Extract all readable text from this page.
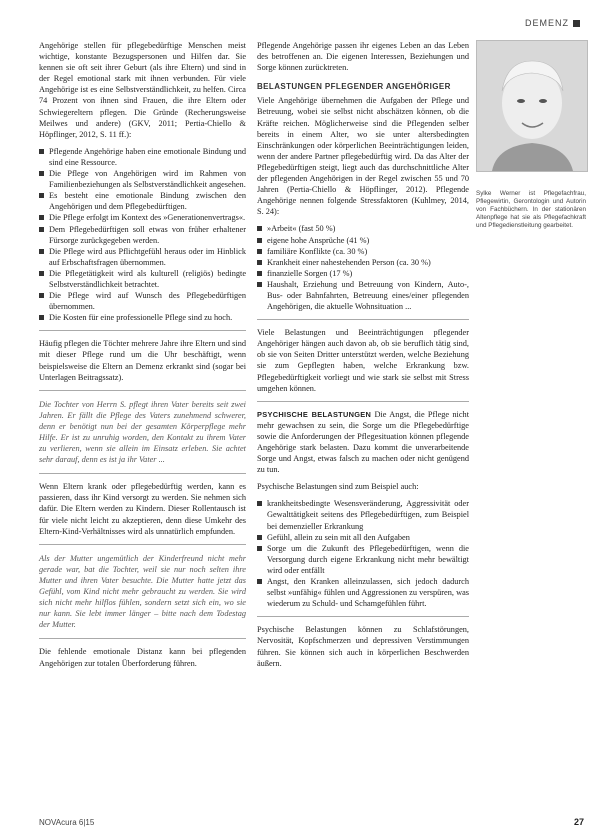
DEMENZ

Angehörige stellen für pflegebedürftige Menschen meist wichtige, konstante Bezugspersonen und Hilfen dar. Sie kennen sie oft seit ihrer Geburt (als ihre Eltern) und sind in der Regel emotional stark mit ihnen verbunden. Für viele Angehörige ist es eine Selbstverständlichkeit, zu helfen. Circa 74 Prozent von ihnen sind Frauen, die ihre Eltern oder Schwiegereltern pflegen. Die Gründe (Recherungsweise Meilwes und andere) (GKV, 2011; Pertia-Chiello & Höpflinger, 2012, S. 11 ff.):

Pflegende Angehörige haben eine emotionale Bindung und sind eine Ressource.
Die Pflege von Angehörigen wird im Rahmen von Familienbeziehungen als Selbstverständlichkeit angesehen.
Es besteht eine emotionale Bindung zwischen den Angehörigen und dem Pflegebedürftigen.
Die Pflege erfolgt im Kontext des »Generationenvertrags«.
Dem Pflegebedürftigen soll etwas von früher erhaltener Fürsorge zurückgegeben werden.
Die Pflege wird aus Pflichtgefühl heraus oder im Hinblick auf Erbschaftsfragen übernommen.
Die Pflegetätigkeit wird als kulturell (religiös) bedingte Selbstverständlichkeit betrachtet.
Die Pflege wird auf Wunsch des Pflegebedürftigen übernommen.
Die Kosten für eine professionelle Pflege sind zu hoch.

Häufig pflegen die Töchter mehrere Jahre ihre Eltern und sind mit dieser Pflege rund um die Uhr beschäftigt, wenn beispielsweise die Eltern an Demenz erkrankt sind (sogar bei Unterlagen Beitragssatz).

Die Tochter von Herrn S. pflegt ihren Vater bereits seit zwei Jahren. Er fällt die Pflege des Vaters zunehmend schwerer, denn er benötigt nun bei der gesamten Körperpflege mehr Hilfe. Er ist zu unruhig worden, den Kontakt zu ihrem Vater zu verlieren, wenn sie allein im Einsatz erleben. Sie achtet sehr darauf, denn es ist ja ihr Vater ...

Wenn Eltern krank oder pflegebedürftig werden, kann es passieren, dass ihr Kind versorgt zu werden. Sie nehmen sich dafür. Die Eltern werden zu Kindern. Dieser Rollentausch ist für viele nicht leicht zu akzeptieren, denn diese Umkehr des Eltern-Kind-Verhältnisses wird als unnatürlich empfunden.

Als der Mutter ungemütlich der Kinderfreund nicht mehr gerade war, bat die Tochter, weil sie nur noch selten ihre Mutter und ihren Vater besuchte. Die Mutter hatte jetzt das Gefühl, vom Kind nicht mehr gebraucht zu werden. Sie wird sich nicht mehr hilflos fühlen, sondern setzt sich ein, wo sie nur kann. Sie lebt immer länger – bitte nach dem Todestag der Mutter.

Die fehlende emotionale Distanz kann bei pflegenden Angehörigen zur totalen Überforderung führen.

Pflegende Angehörige passen ihr eigenes Leben an das Leben des betroffenen an. Die eigenen Interessen, Beziehungen und Sorge können zurücktreten.

BELASTUNGEN PFLEGENDER ANGEHÖRIGER

Viele Angehörige übernehmen die Aufgaben der Pflege und Betreuung, wobei sie selbst nicht abschätzen können, ob die Kräfte reichen. Möglicherweise sind die Pflegenden selber bereits in einem Alter, wo sie unter altersbedingten Einschränkungen oder körperlichen Beeinträchtigungen leiden, wenn der andere Partner pflegebedürftig wird. Da das Alter der Pflegebedürftigen steigt, liegt auch das durchschnittliche Alter der pflegenden Angehörigen in der Regel zwischen 55 und 70 Jahren (Pertia-Chiello & Höpflinger, 2012). Pflegende Angehörige nennen folgende Stressfaktoren (Kuhlmey, 2014, S. 24):

»Arbeit« (fast 50 %)
eigene hohe Ansprüche (41 %)
familiäre Konflikte (ca. 30 %)
Krankheit einer nahestehenden Person (ca. 30 %)
finanzielle Sorgen (17 %)
Haushalt, Erziehung und Betreuung von Kindern, Auto-, Bus- oder Bahnfahrten, Betreuung eines/einer pflegenden Angehörigen, die aktuelle Wohnsituation ...

Viele Belastungen und Beeinträchtigungen pflegender Angehöriger hängen auch davon ab, ob sie beruflich tätig sind, ob sie von Seiten Dritter unterstützt werden, welche Beziehung sie zum Gepflegten haben, welche Erkrankung bzw. Pflegebedürftigkeit vorliegt und wie stark sie selbst mit Stress umgehen können.

PSYCHISCHE BELASTUNGEN Die Angst, die Pflege nicht mehr gewachsen zu sein, die Sorge um die Pflegebedürftige sowie die Anforderungen der Pflegesituation können pflegende Angehörige stark belasten. Dazu kommt die unverarbeitende Sorge und Angst, etwas falsch zu machen oder nicht genügend zu tun.

Psychische Belastungen sind zum Beispiel auch:

krankheitsbedingte Wesensveränderung, Aggressivität oder Gewalttätigkeit seitens des Pflegebedürftigen, zum Beispiel bei demenzieller Erkrankung
Gefühl, allein zu sein mit all den Aufgaben
Sorge um die Zukunft des Pflegebedürftigen, wenn die Versorgung durch eigene Erkrankung nicht mehr bewältigt wird oder entfällt
Angst, den Kranken alleinzulassen, sich jedoch dadurch selbst »unfähig« fühlen und Aggressionen zu verspüren, was wiederum zu Schuld- und Schamgefühlen führt.

Psychische Belastungen können zu Schlafstörungen, Nervosität, Kopfschmerzen und depressiven Verstimmungen führen. Sie können sich auch in körperlichen Beschwerden äußern.

Sylke Werner ist Pflegefachfrau, Pflegewirtin, Gerontologin und Autorin von Fachbüchern. In der stationären Altenpflege hat sie als Pflegefachkraft und Pflegedienstleitung gearbeitet.
NOVAcura 6|15	27
